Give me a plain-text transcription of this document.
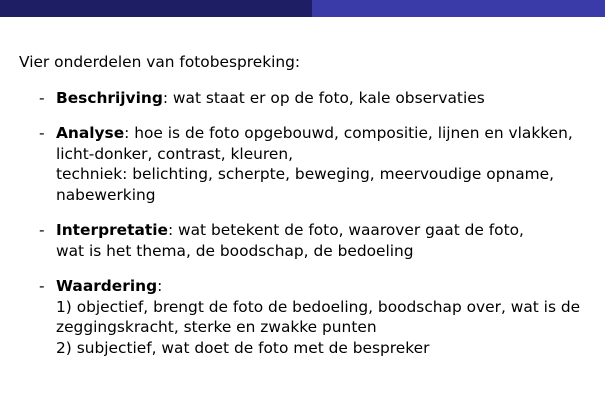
Vier onderdelen van fotobespreking:

- Beschrijving: wat staat er op de foto, kale observaties
- Analyse: hoe is de foto opgebouwd, compositie, lijnen en vlakken,
licht-donker, contrast, kleuren,
techniek: belichting, scherpte, beweging, meervoudige opname,
nabewerking
- Interpretatie: wat betekent de foto, waarover gaat de foto,
wat is het thema, de boodschap, de bedoeling
- Waardering:
1) objectief, brengt de foto de bedoeling, boodschap over, wat is de
zeggingskracht, sterke en zwakke punten
2) subjectief, wat doet de foto met de bespreker
